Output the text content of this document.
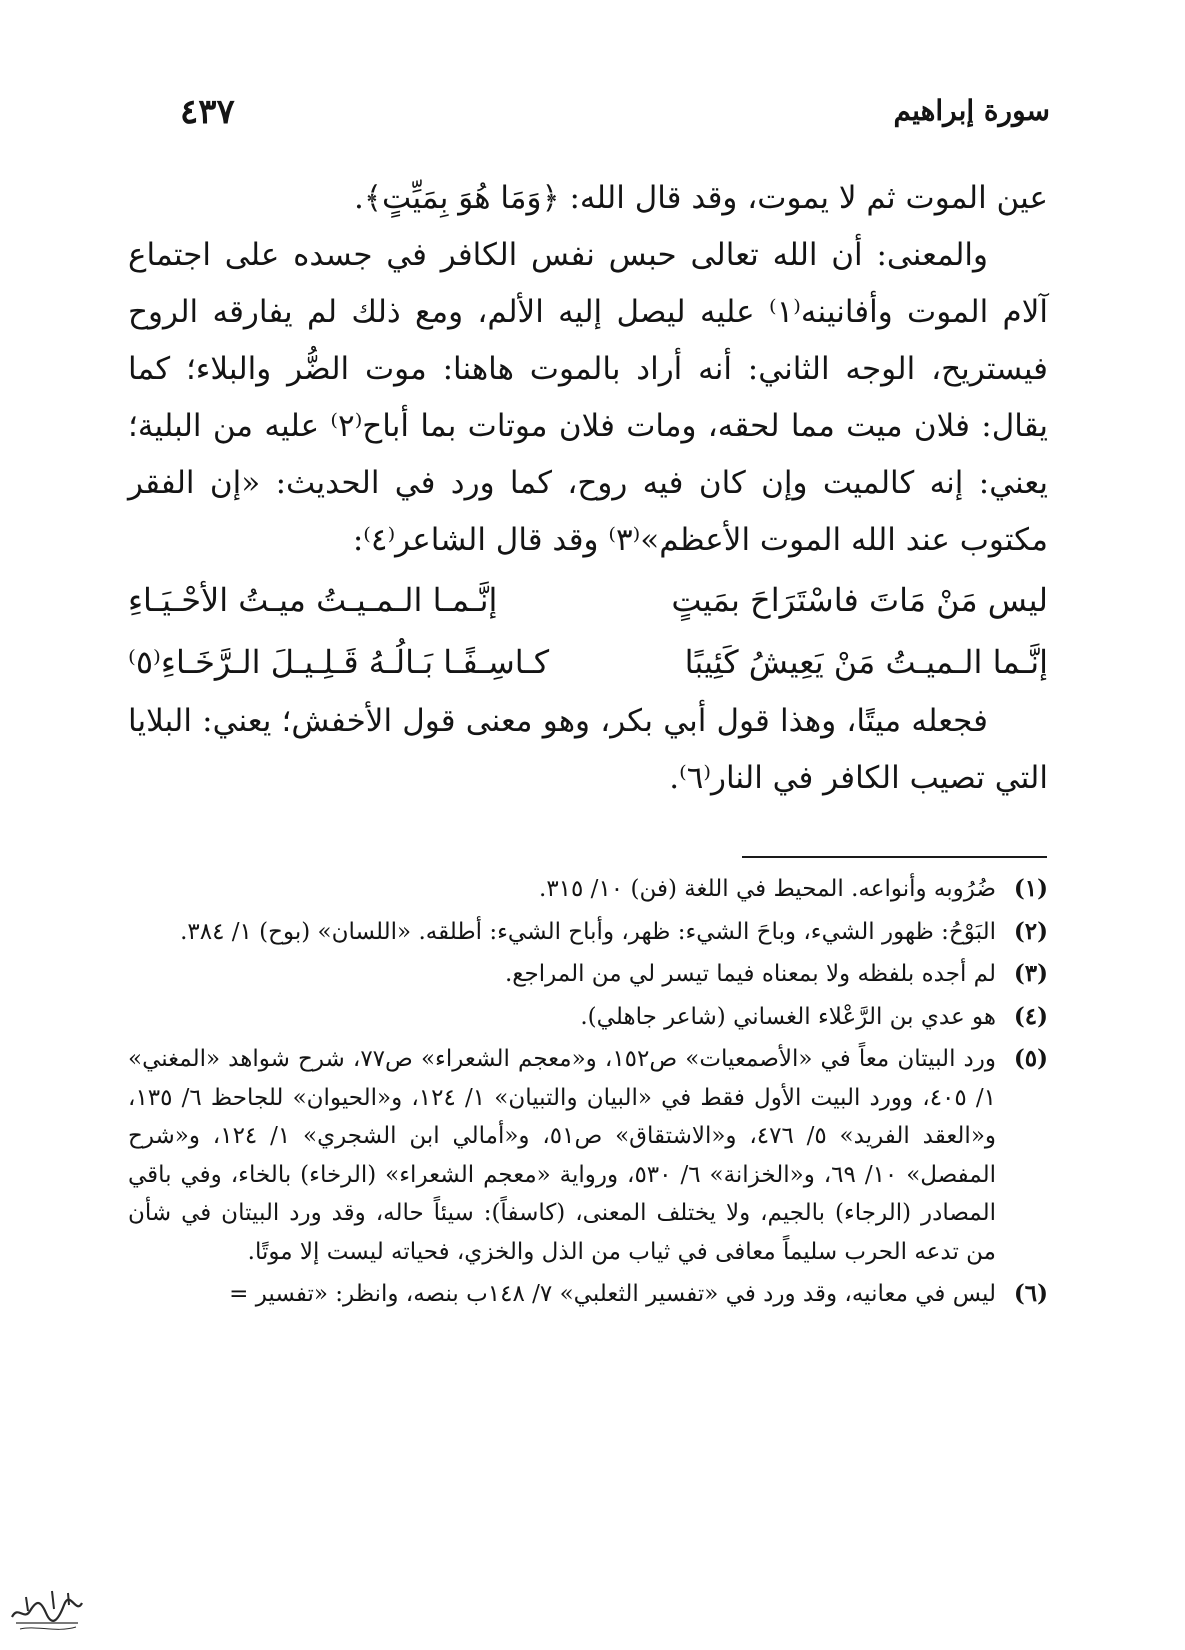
٤٣٧	سورة إبراهيم

عين الموت ثم لا يموت، وقد قال الله: ﴿وَمَا هُوَ بِمَيِّتٍ﴾.

والمعنى: أن الله تعالى حبس نفس الكافر في جسده على اجتماع آلام الموت وأفانينه⁽١⁾ عليه ليصل إليه الألم، ومع ذلك لم يفارقه الروح فيستريح، الوجه الثاني: أنه أراد بالموت هاهنا: موت الضُّر والبلاء؛ كما يقال: فلان ميت مما لحقه، ومات فلان موتات بما أباح⁽٢⁾ عليه من البلية؛ يعني: إنه كالميت وإن كان فيه روح، كما ورد في الحديث: «إن الفقر مكتوب عند الله الموت الأعظم»⁽٣⁾ وقد قال الشاعر⁽٤⁾:

ليس مَنْ مَاتَ فاسْتَرَاحَ بمَيتٍ
إنَّـمـا الـمـيـتُ ميـتُ الأحْـيَـاءِ
إنَّـما الـميـتُ مَنْ يَعِيشُ كَئِيبًا
كـاسِـفًـا بَـالُـهُ قَـلِـيـلَ الـرَّخَـاءِ⁽٥⁾

فجعله ميتًا، وهذا قول أبي بكر، وهو معنى قول الأخفش؛ يعني: البلايا التي تصيب الكافر في النار⁽٦⁾.

(١)
ضُرُوبه وأنواعه. المحيط في اللغة (فن) ١٠/ ٣١٥.
(٢)
البَوْحُ: ظهور الشيء، وباحَ الشيء: ظهر، وأباح الشيء: أطلقه. «اللسان» (بوح) ١/ ٣٨٤.
(٣)
لم أجده بلفظه ولا بمعناه فيما تيسر لي من المراجع.
(٤)
هو عدي بن الرَّعْلاء الغساني (شاعر جاهلي).
(٥)
ورد البيتان معاً في «الأصمعيات» ص١٥٢، و«معجم الشعراء» ص٧٧، شرح شواهد «المغني» ١/ ٤٠٥، وورد البيت الأول فقط في «البيان والتبيان» ١/ ١٢٤، و«الحيوان» للجاحظ ٦/ ١٣٥، و«العقد الفريد» ٥/ ٤٧٦، و«الاشتقاق» ص٥١، و«أمالي ابن الشجري» ١/ ١٢٤، و«شرح المفصل» ١٠/ ٦٩، و«الخزانة» ٦/ ٥٣٠، ورواية «معجم الشعراء» (الرخاء) بالخاء، وفي باقي المصادر (الرجاء) بالجيم، ولا يختلف المعنى، (كاسفاً): سيئاً حاله، وقد ورد البيتان في شأن من تدعه الحرب سليماً معافى في ثياب من الذل والخزي، فحياته ليست إلا موتًا.
(٦)
ليس في معانيه، وقد ورد في «تفسير الثعلبي» ٧/ ١٤٨ب بنصه، وانظر: «تفسير =
